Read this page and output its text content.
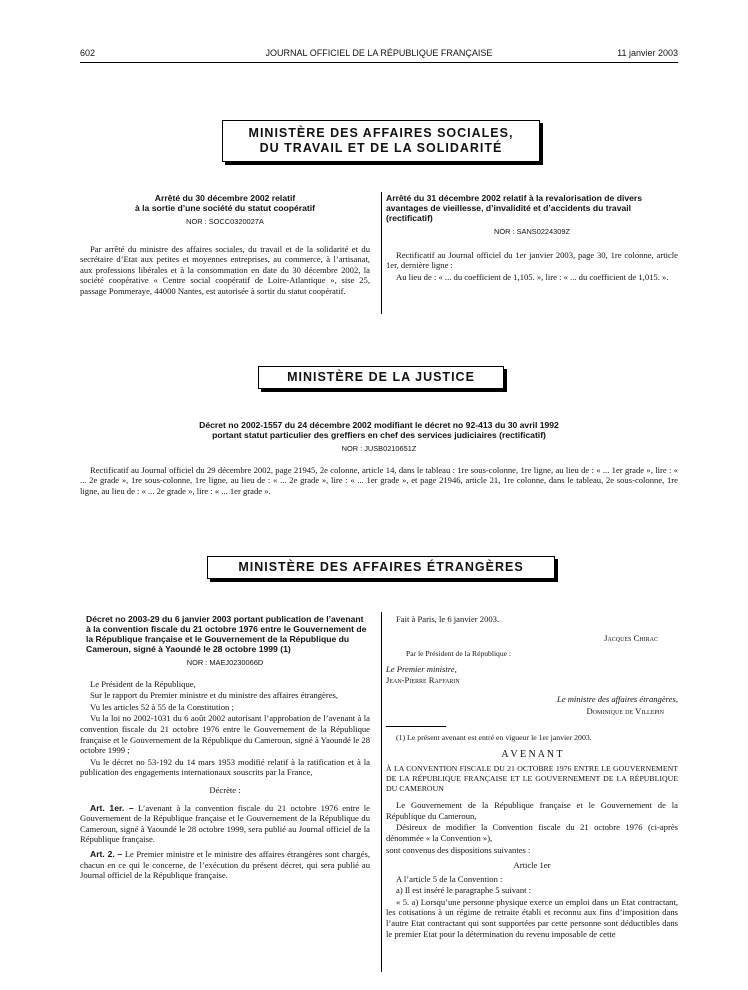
602	JOURNAL OFFICIEL DE LA RÉPUBLIQUE FRANÇAISE	11 janvier 2003
MINISTÈRE DES AFFAIRES SOCIALES,
DU TRAVAIL ET DE LA SOLIDARITÉ
Arrêté du 30 décembre 2002 relatif
à la sortie d’une société du statut coopératif
NOR : SOCC0320027A

Par arrêté du ministre des affaires sociales, du travail et de la solidarité et du secrétaire d’Etat aux petites et moyennes entreprises, au commerce, à l’artisanat, aux professions libérales et à la consommation en date du 30 décembre 2002, la société coopérative « Centre social coopératif de Loire-Atlantique », sise 25, passage Pommeraye, 44000 Nantes, est autorisée à sortir du statut coopératif.

Arrêté du 31 décembre 2002 relatif à la revalorisation de divers avantages de vieillesse, d’invalidité et d’accidents du travail (rectificatif)
NOR : SANS0224309Z

Rectificatif au Journal officiel du 1er janvier 2003, page 30, 1re colonne, article 1er, dernière ligne :

Au lieu de : « ... du coefficient de 1,105. », lire : « ... du coefficient de 1,015. ».

MINISTÈRE DE LA JUSTICE
Décret no 2002-1557 du 24 décembre 2002 modifiant le décret no 92-413 du 30 avril 1992
portant statut particulier des greffiers en chef des services judiciaires (rectificatif)
NOR : JUSB0210651Z

Rectificatif au Journal officiel du 29 décembre 2002, page 21945, 2e colonne, article 14, dans le tableau : 1re sous-colonne, 1re ligne, au lieu de : « ... 1er grade », lire : « ... 2e grade », 1re sous-colonne, 1re ligne, au lieu de : « ... 2e grade », lire : « ... 1er grade », et page 21946, article 21, 1re colonne, dans le tableau, 2e sous-colonne, 1re ligne, au lieu de : « ... 2e grade », lire : « ... 1er grade ».

MINISTÈRE DES AFFAIRES ÉTRANGÈRES
Décret no 2003-29 du 6 janvier 2003 portant publication de l’avenant à la convention fiscale du 21 octobre 1976 entre le Gouvernement de la République française et le Gouvernement de la République du Cameroun, signé à Yaoundé le 28 octobre 1999 (1)
NOR : MAEJ0230066D

Le Président de la République,

Sur le rapport du Premier ministre et du ministre des affaires étrangères,

Vu les articles 52 à 55 de la Constitution ;

Vu la loi no 2002-1031 du 6 août 2002 autorisant l’approbation de l’avenant à la convention fiscale du 21 octobre 1976 entre le Gouvernement de la République française et le Gouvernement de la République du Cameroun, signé à Yaoundé le 28 octobre 1999 ;

Vu le décret no 53-192 du 14 mars 1953 modifié relatif à la ratification et à la publication des engagements internationaux souscrits par la France,

Décrète :

Art. 1er. – L’avenant à la convention fiscale du 21 octobre 1976 entre le Gouvernement de la République française et le Gouvernement de la République du Cameroun, signé à Yaoundé le 28 octobre 1999, sera publié au Journal officiel de la République française.

Art. 2. – Le Premier ministre et le ministre des affaires étrangères sont chargés, chacun en ce qui le concerne, de l’exécution du présent décret, qui sera publié au Journal officiel de la République française.

Fait à Paris, le 6 janvier 2003.

Jacques Chirac

Par le Président de la République :

Le Premier ministre,

Jean-Pierre Raffarin

Le ministre des affaires étrangères,

Dominique de Villepin

(1) Le présent avenant est entré en vigueur le 1er janvier 2003.

A V E N A N T

À LA CONVENTION FISCALE DU 21 OCTOBRE 1976 ENTRE LE GOUVERNEMENT DE LA RÉPUBLIQUE FRANÇAISE ET LE GOUVERNEMENT DE LA RÉPUBLIQUE DU CAMEROUN

Le Gouvernement de la République française et le Gouvernement de la République du Cameroun,

Désireux de modifier la Convention fiscale du 21 octobre 1976 (ci-après dénommée « la Convention »),

sont convenus des dispositions suivantes :

Article 1er

A l’article 5 de la Convention :

a) Il est inséré le paragraphe 5 suivant :

« 5. a) Lorsqu’une personne physique exerce un emploi dans un Etat contractant, les cotisations à un régime de retraite établi et reconnu aux fins d’imposition dans l’autre Etat contractant qui sont supportées par cette personne sont déductibles dans le premier Etat pour la détermination du revenu imposable de cette
